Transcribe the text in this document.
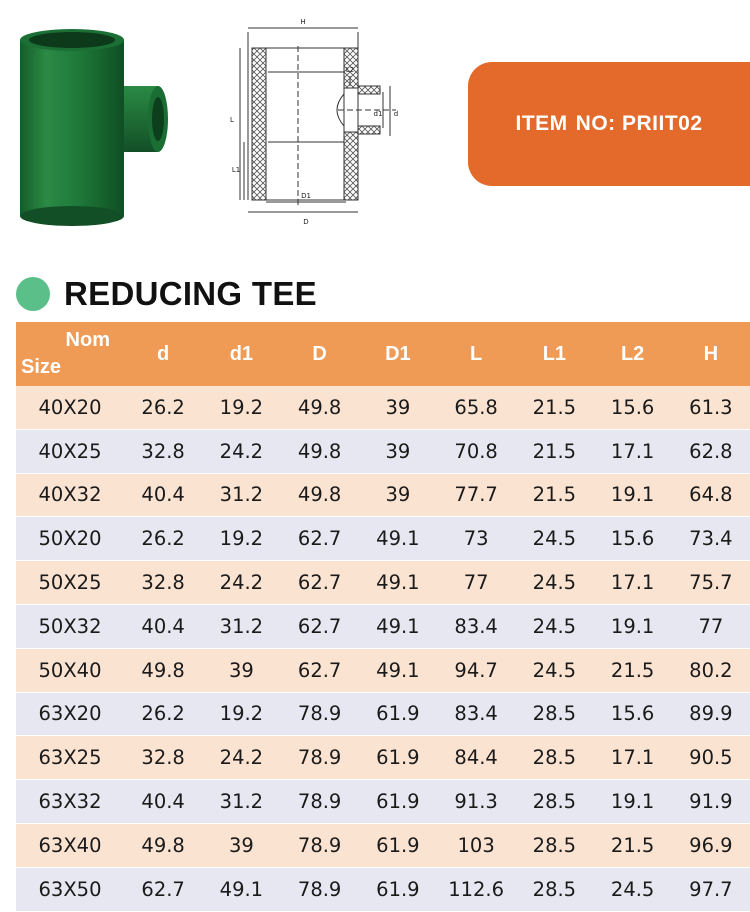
H
L
L1
L2
D1
D
d1 d	ITEM NO: PRIIT02
REDUCING TEE
Nom
Size	d	d1	D	D1	L	L1	L2	H
40X20	26.2	19.2	49.8	39	65.8	21.5	15.6	61.3
40X25	32.8	24.2	49.8	39	70.8	21.5	17.1	62.8
40X32	40.4	31.2	49.8	39	77.7	21.5	19.1	64.8
50X20	26.2	19.2	62.7	49.1	73	24.5	15.6	73.4
50X25	32.8	24.2	62.7	49.1	77	24.5	17.1	75.7
50X32	40.4	31.2	62.7	49.1	83.4	24.5	19.1	77
50X40	49.8	39	62.7	49.1	94.7	24.5	21.5	80.2
63X20	26.2	19.2	78.9	61.9	83.4	28.5	15.6	89.9
63X25	32.8	24.2	78.9	61.9	84.4	28.5	17.1	90.5
63X32	40.4	31.2	78.9	61.9	91.3	28.5	19.1	91.9
63X40	49.8	39	78.9	61.9	103	28.5	21.5	96.9
63X50	62.7	49.1	78.9	61.9	112.6	28.5	24.5	97.7
